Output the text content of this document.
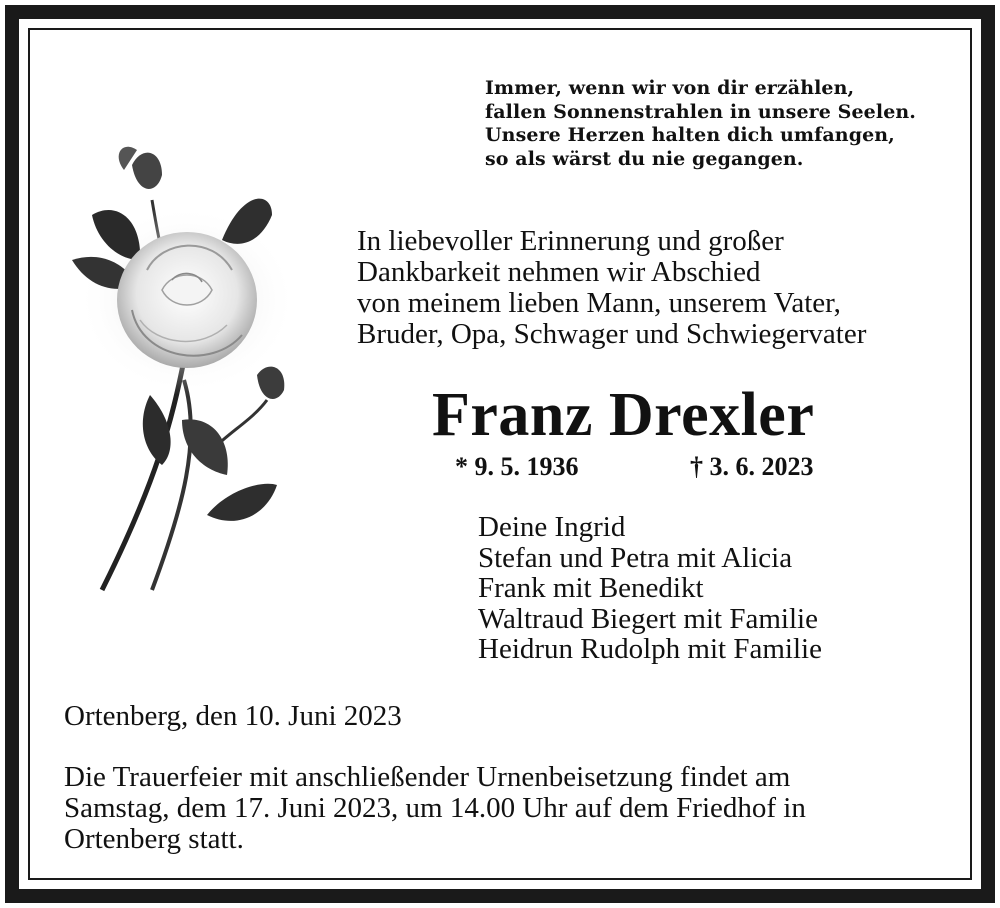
Immer, wenn wir von dir erzählen,
fallen Sonnenstrahlen in unsere Seelen.
Unsere Herzen halten dich umfangen,
so als wärst du nie gegangen.
In liebevoller Erinnerung und großer
Dankbarkeit nehmen wir Abschied
von meinem lieben Mann, unserem Vater,
Bruder, Opa, Schwager und Schwiegervater
Franz Drexler
* 9. 5. 1936	† 3. 6. 2023
Deine Ingrid
Stefan und Petra mit Alicia
Frank mit Benedikt
Waltraud Biegert mit Familie
Heidrun Rudolph mit Familie
Ortenberg, den 10. Juni 2023
Die Trauerfeier mit anschließender Urnenbeisetzung findet am
Samstag, dem 17. Juni 2023, um 14.00 Uhr auf dem Friedhof in
Ortenberg statt.
